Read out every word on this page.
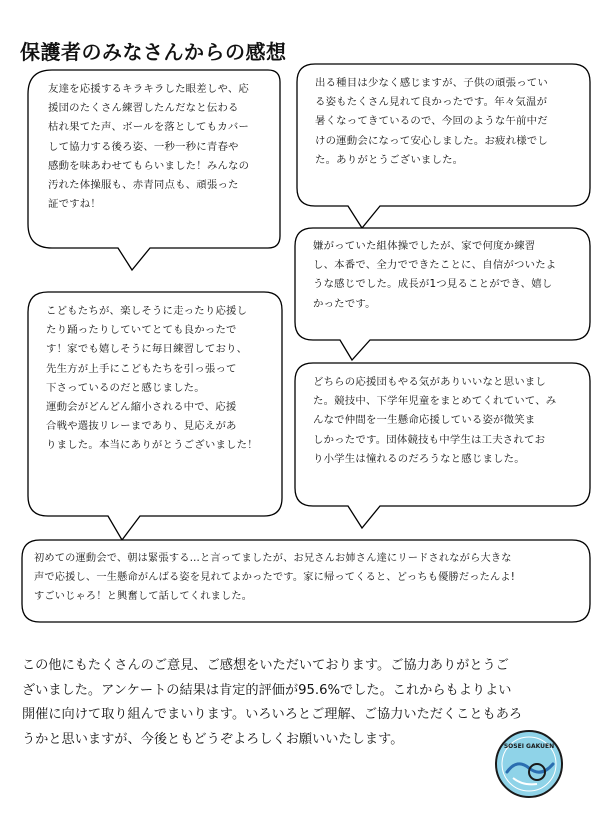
保護者のみなさんからの感想

友達を応援するキラキラした眼差しや、応
援団のたくさん練習したんだなと伝わる
枯れ果てた声、ボールを落としてもカバー
して協力する後ろ姿、一秒一秒に青春や
感動を味あわせてもらいました！みんなの
汚れた体操服も、赤青同点も、頑張った
証ですね！

出る種目は少なく感じますが、子供の頑張ってい
る姿もたくさん見れて良かったです。年々気温が
暑くなってきているので、今回のような午前中だ
けの運動会になって安心しました。お疲れ様でし
た。ありがとうございました。

嫌がっていた組体操でしたが、家で何度か練習
し、本番で、全力でできたことに、自信がついたよ
うな感じでした。成長が1つ見ることができ、嬉し
かったです。

こどもたちが、楽しそうに走ったり応援し
たり踊ったりしていてとても良かったで
す！家でも嬉しそうに毎日練習しており、
先生方が上手にこどもたちを引っ張って
下さっているのだと感じました。
運動会がどんどん縮小される中で、応援
合戦や選抜リレーまであり、見応えがあ
りました。本当にありがとうございました！

どちらの応援団もやる気がありいいなと思いまし
た。競技中、下学年児童をまとめてくれていて、み
んなで仲間を一生懸命応援している姿が微笑ま
しかったです。団体競技も中学生は工夫されてお
り小学生は憧れるのだろうなと感じました。

初めての運動会で、朝は緊張する…と言ってましたが、お兄さんお姉さん達にリードされながら大きな
声で応援し、一生懸命がんばる姿を見れてよかったです。家に帰ってくると、どっちも優勝だったんよ!
すごいじゃろ！と興奮して話してくれました。

この他にもたくさんのご意見、ご感想をいただいております。ご協力ありがとうご
ざいました。アンケートの結果は肯定的評価が95.6%でした。これからもよりよい
開催に向けて取り組んでまいります。いろいろとご理解、ご協力いただくこともあろ
うかと思いますが、今後ともどうぞよろしくお願いいたします。	SOSEI GAKUEN
